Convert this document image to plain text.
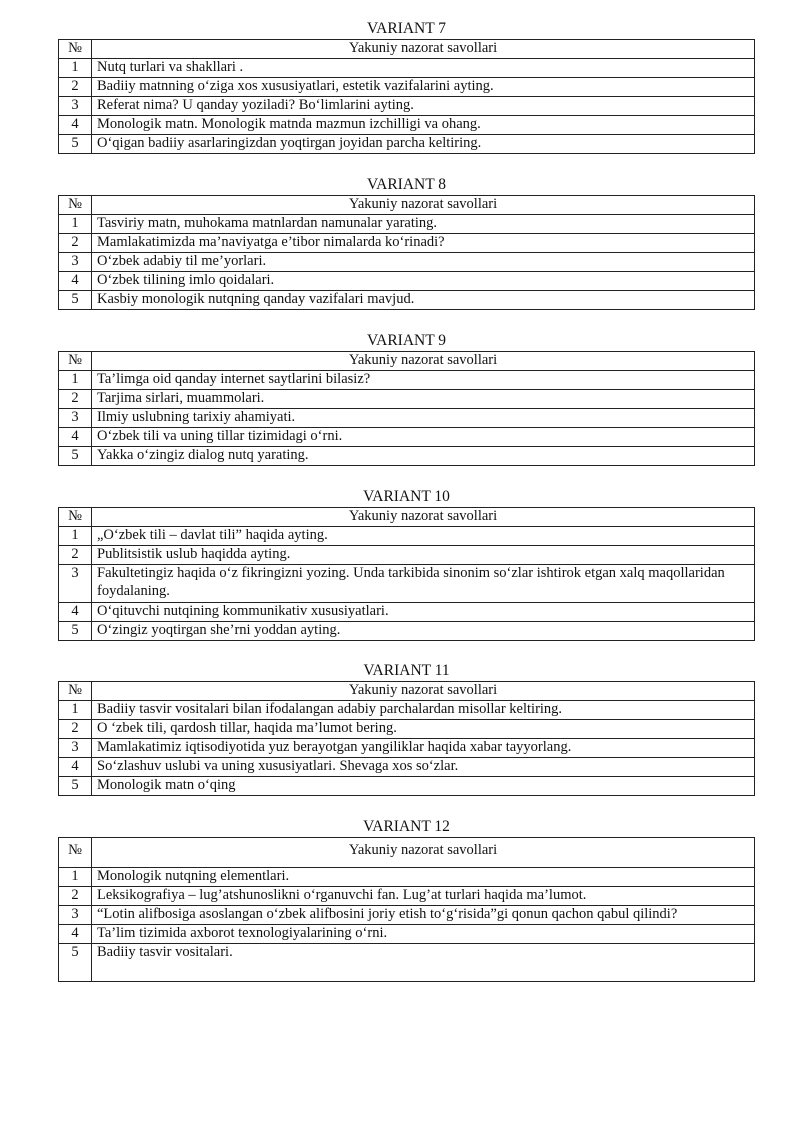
VARIANT 7
№	Yakuniy nazorat savollari
1	Nutq turlari va shakllari .
2	Badiiy matnning o‘ziga xos xususiyatlari, estetik vazifalarini ayting.
3	Referat nima? U qanday yoziladi? Bo‘limlarini ayting.
4	Monologik matn. Monologik matnda mazmun izchilligi va ohang.
5	O‘qigan badiiy asarlaringizdan yoqtirgan joyidan parcha keltiring.
VARIANT 8
№	Yakuniy nazorat savollari
1	Tasviriy matn, muhokama matnlardan namunalar yarating.
2	Mamlakatimizda ma’naviyatga e’tibor nimalarda ko‘rinadi?
3	O‘zbek adabiy til me’yorlari.
4	O‘zbek tilining imlo qoidalari.
5	Kasbiy monologik nutqning qanday vazifalari mavjud.
VARIANT 9
№	Yakuniy nazorat savollari
1	Ta’limga oid qanday internet saytlarini bilasiz?
2	Tarjima sirlari, muammolari.
3	Ilmiy uslubning tarixiy ahamiyati.
4	O‘zbek tili va uning tillar tizimidagi o‘rni.
5	Yakka o‘zingiz dialog nutq yarating.
VARIANT 10
№	Yakuniy nazorat savollari
1	„O‘zbek tili – davlat tili” haqida ayting.
2	Publitsistik uslub haqidda ayting.
3	Fakultetingiz haqida o‘z fikringizni yozing. Unda tarkibida sinonim so‘zlar ishtirok etgan xalq maqollaridan foydalaning.
4	O‘qituvchi nutqining kommunikativ xususiyatlari.
5	O‘zingiz yoqtirgan she’rni yoddan ayting.
VARIANT 11
№	Yakuniy nazorat savollari
1	Badiiy tasvir vositalari bilan ifodalangan adabiy parchalardan misollar keltiring.
2	O ‘zbek tili, qardosh tillar, haqida ma’lumot bering.
3	Mamlakatimiz iqtisodiyotida yuz berayotgan yangiliklar haqida xabar tayyorlang.
4	So‘zlashuv uslubi va uning xususiyatlari. Shevaga xos so‘zlar.
5	Monologik matn o‘qing
VARIANT 12
№	Yakuniy nazorat savollari
1	Monologik nutqning elementlari.
2	Leksikografiya – lug’atshunoslikni o‘rganuvchi fan. Lug’at turlari haqida ma’lumot.
3	“Lotin alifbosiga asoslangan o‘zbek alifbosini joriy etish to‘g‘risida”gi qonun qachon qabul qilindi?
4	Ta’lim tizimida axborot texnologiyalarining o‘rni.
5	Badiiy tasvir vositalari.
